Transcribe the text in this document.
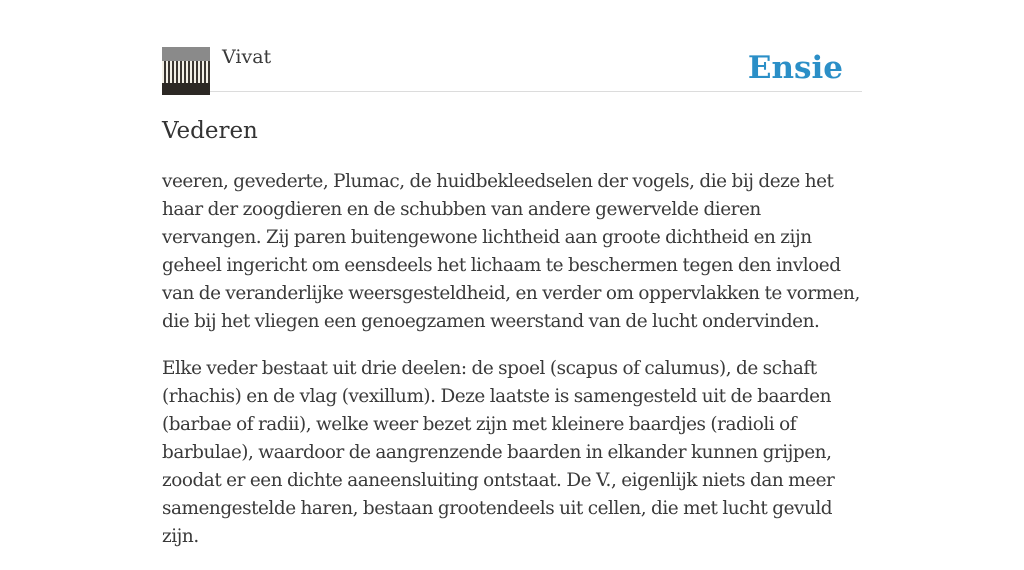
Vivat	Ensie
Vederen

veeren, gevederte, Plumac, de huidbekleedselen der vogels, die bij deze het haar der zoogdieren en de schubben van andere gewervelde dieren vervangen. Zij paren buitengewone lichtheid aan groote dichtheid en zijn geheel ingericht om eensdeels het lichaam te beschermen tegen den invloed van de veranderlijke weersgesteldheid, en verder om oppervlakken te vormen, die bij het vliegen een genoegzamen weerstand van de lucht ondervinden.

Elke veder bestaat uit drie deelen: de spoel (scapus of calumus), de schaft (rhachis) en de vlag (vexillum). Deze laatste is samengesteld uit de baarden (barbae of radii), welke weer bezet zijn met kleinere baardjes (radioli of barbulae), waardoor de aangrenzende baarden in elkander kunnen grijpen, zoodat er een dichte aaneensluiting ontstaat. De V., eigenlijk niets dan meer samengestelde haren, bestaan grootendeels uit cellen, die met lucht gevuld zijn.
